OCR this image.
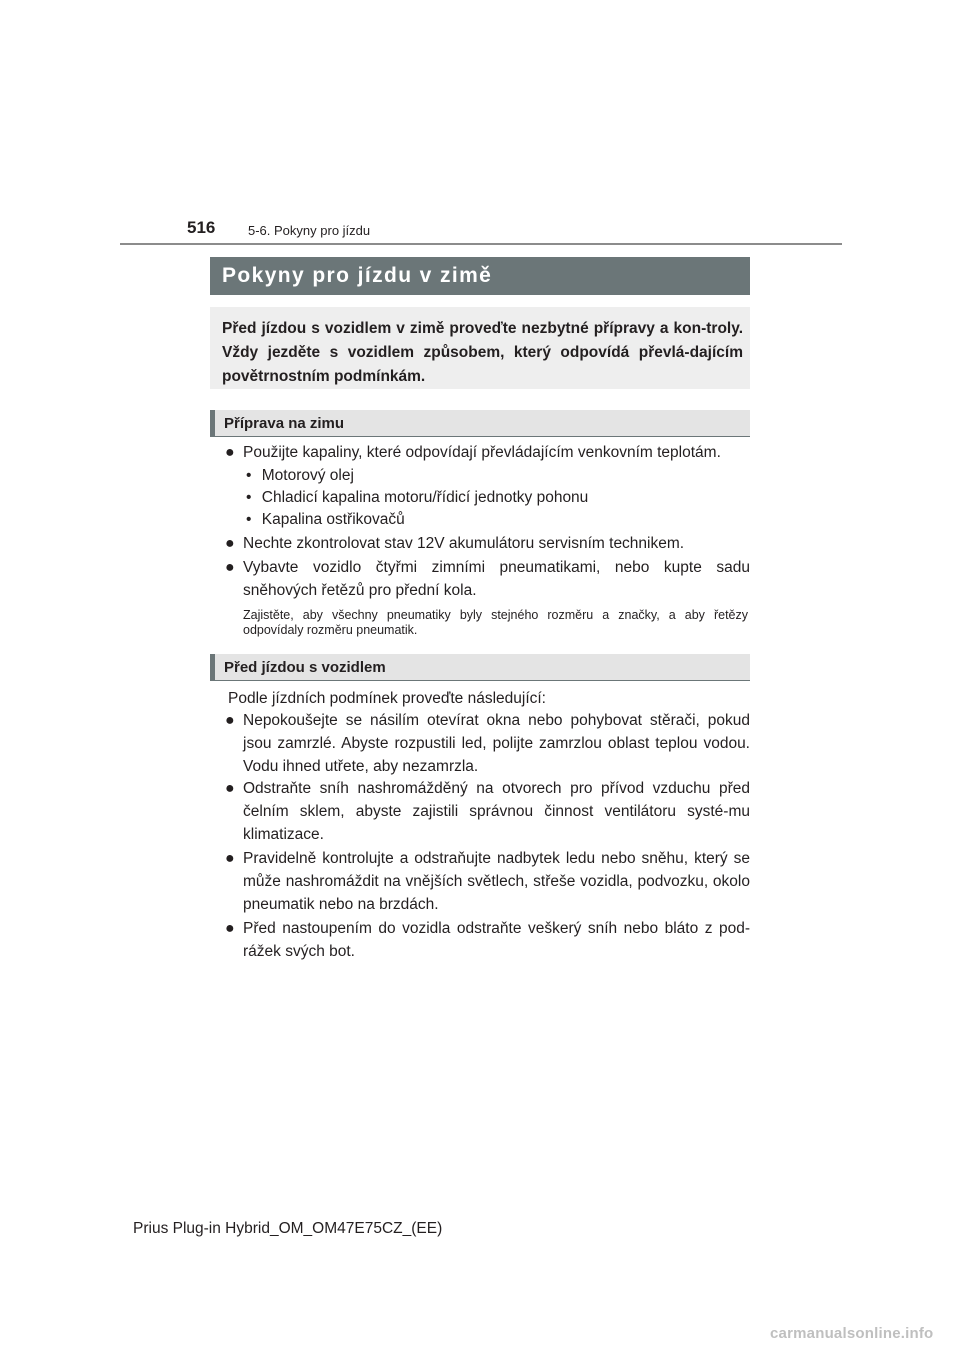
516	5-6. Pokyny pro jízdu
Pokyny pro jízdu v zimě
Před jízdou s vozidlem v zimě proveďte nezbytné přípravy a kon-troly. Vždy jezděte s vozidlem způsobem, který odpovídá převlá-dajícím povětrnostním podmínkám.
Příprava na zimu
● Použijte kapaliny, které odpovídají převládajícím venkovním teplotám.
• Motorový olej
• Chladicí kapalina motoru/řídicí jednotky pohonu
• Kapalina ostřikovačů
● Nechte zkontrolovat stav 12V akumulátoru servisním technikem.
● Vybavte vozidlo čtyřmi zimními pneumatikami, nebo kupte sadu sněhových řetězů pro přední kola.
Zajistěte, aby všechny pneumatiky byly stejného rozměru a značky, a aby řetězy odpovídaly rozměru pneumatik.
Před jízdou s vozidlem
Podle jízdních podmínek proveďte následující:
● Nepokoušejte se násilím otevírat okna nebo pohybovat stěrači, pokud jsou zamrzlé. Abyste rozpustili led, polijte zamrzlou oblast teplou vodou. Vodu ihned utřete, aby nezamrzla.
● Odstraňte sníh nashromážděný na otvorech pro přívod vzduchu před čelním sklem, abyste zajistili správnou činnost ventilátoru systé-mu klimatizace.
● Pravidelně kontrolujte a odstraňujte nadbytek ledu nebo sněhu, který se může nashromáždit na vnějších světlech, střeše vozidla, podvozku, okolo pneumatik nebo na brzdách.
● Před nastoupením do vozidla odstraňte veškerý sníh nebo bláto z pod-rážek svých bot.
Prius Plug-in Hybrid_OM_OM47E75CZ_(EE)
carmanualsonline.info
